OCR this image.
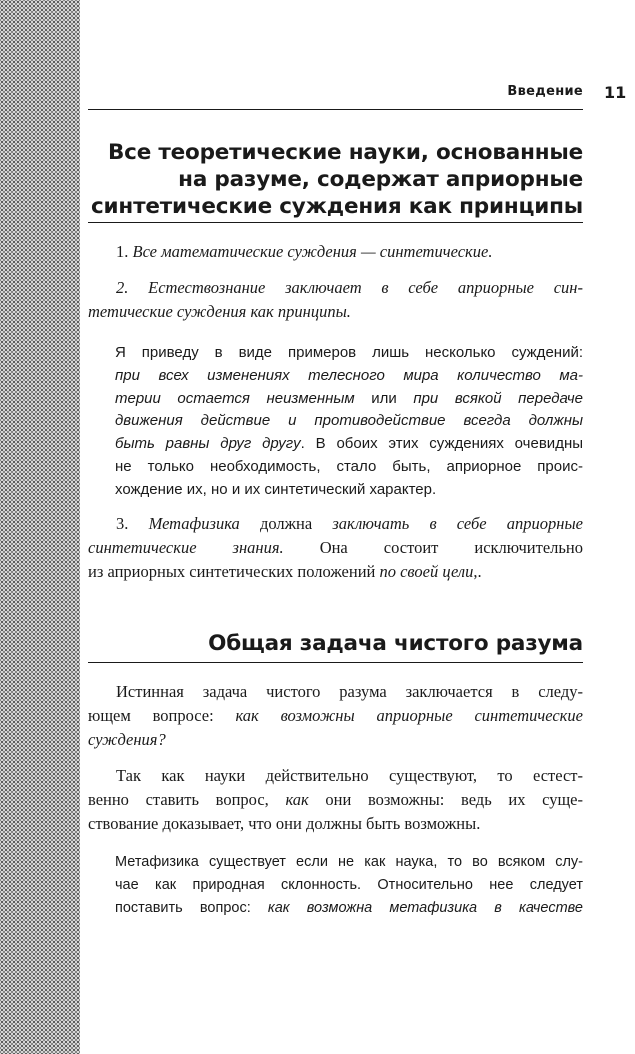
Введение 11
Все теоретические науки, основанные
на разуме, содержат априорные
синтетические суждения как принципы
1. Все математические суждения — синтетические.
2. Естествознание заключает в себе априорные син-
тетические суждения как принципы.
Я приведу в виде примеров лишь несколько суждений:
при всех изменениях телесного мира количество ма-
терии остается неизменным или при всякой передаче
движения действие и противодействие всегда должны
быть равны друг другу. В обоих этих суждениях очевидны
не только необходимость, стало быть, априорное проис-
хождение их, но и их синтетический характер.
3. Метафизика должна заключать в себе априорные
синтетические знания. Она состоит исключительно
из априорных синтетических положений по своей цели,.
Общая задача чистого разума
Истинная задача чистого разума заключается в следу-
ющем вопросе: как возможны априорные синтетические
суждения?
Так как науки действительно существуют, то естест-
венно ставить вопрос, как они возможны: ведь их суще-
ствование доказывает, что они должны быть возможны.
Метафизика существует если не как наука, то во всяком слу-
чае как природная склонность. Относительно нее следует
поставить вопрос: как возможна метафизика в качестве
